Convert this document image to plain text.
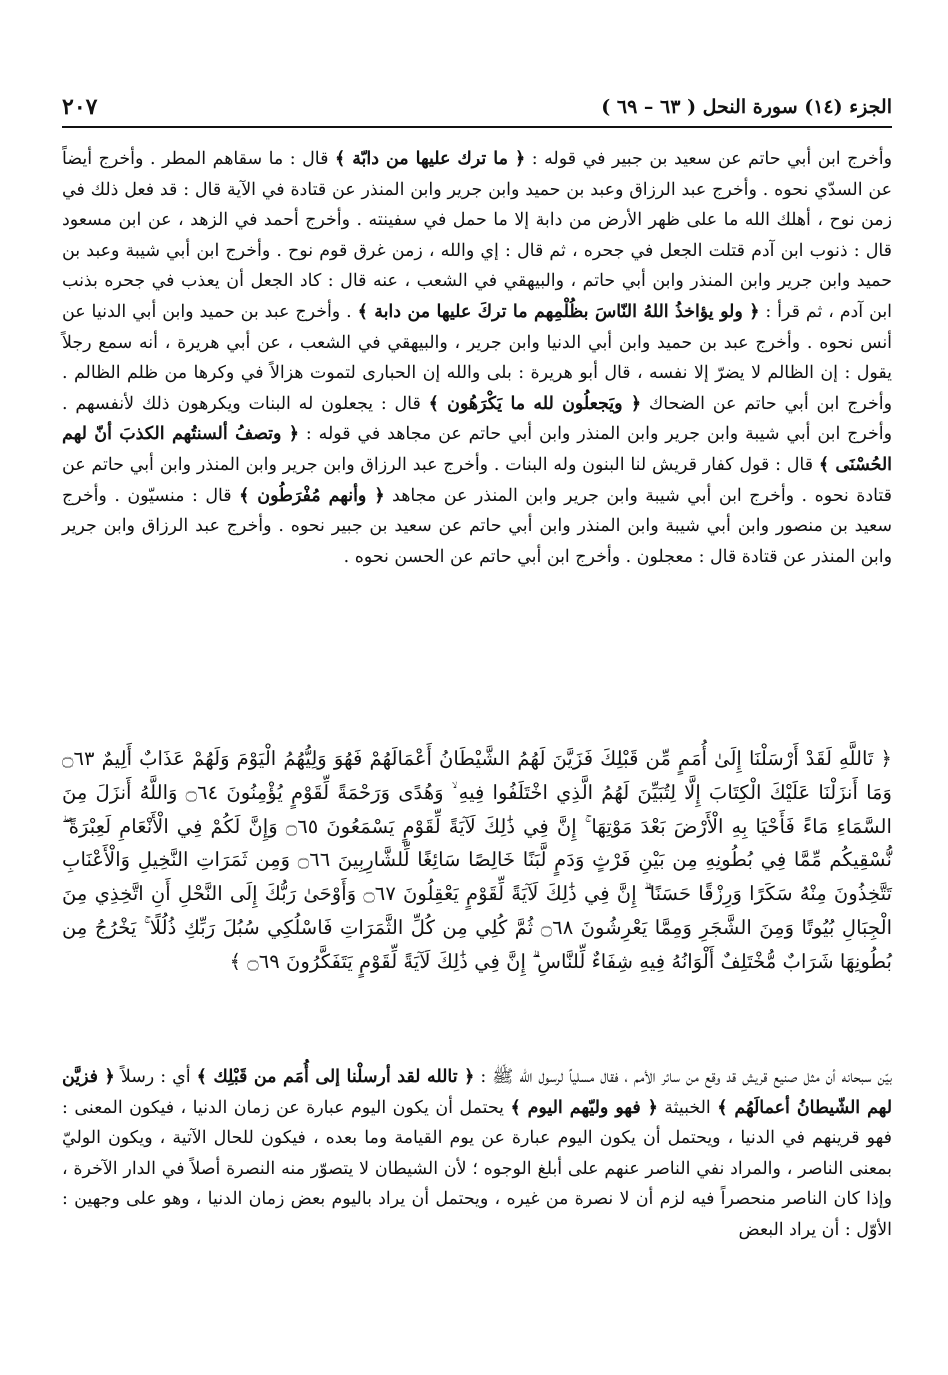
الجزء (١٤) سورة النحل ( ٦٣ – ٦٩ )
٢٠٧

وأخرج ابن أبي حاتم عن سعيد بن جبير في قوله : ﴿ ما ترك عليها من دابّة ﴾ قال : ما سقاهم المطر . وأخرج أيضاً عن السدّي نحوه . وأخرج عبد الرزاق وعبد بن حميد وابن جرير وابن المنذر عن قتادة في الآية قال : قد فعل ذلك في زمن نوح ، أهلك الله ما على ظهر الأرض من دابة إلا ما حمل في سفينته . وأخرج أحمد في الزهد ، عن ابن مسعود قال : ذنوب ابن آدم قتلت الجعل في جحره ، ثم قال : إي والله ، زمن غرق قوم نوح . وأخرج ابن أبي شيبة وعبد بن حميد وابن جرير وابن المنذر وابن أبي حاتم ، والبيهقي في الشعب ، عنه قال : كاد الجعل أن يعذب في جحره بذنب ابن آدم ، ثم قرأ : ﴿ ولو يؤاخذُ اللهُ النّاسَ بظُلْمِهم ما تركَ عليها من دابة ﴾ . وأخرج عبد بن حميد وابن أبي الدنيا عن أنس نحوه . وأخرج عبد بن حميد وابن أبي الدنيا وابن جرير ، والبيهقي في الشعب ، عن أبي هريرة ، أنه سمع رجلاً يقول : إن الظالم لا يضرّ إلا نفسه ، قال أبو هريرة : بلى والله إن الحبارى لتموت هزالاً في وكرها من ظلم الظالم . وأخرج ابن أبي حاتم عن الضحاك ﴿ ويَجعلُون لله ما يَكْرَهُون ﴾ قال : يجعلون له البنات ويكرهون ذلك لأنفسهم . وأخرج ابن أبي شيبة وابن جرير وابن المنذر وابن أبي حاتم عن مجاهد في قوله : ﴿ وتصفُ ألسنتُهم الكذبَ أنّ لهم الحُسْنَى ﴾ قال : قول كفار قريش لنا البنون وله البنات . وأخرج عبد الرزاق وابن جرير وابن المنذر وابن أبي حاتم عن قتادة نحوه . وأخرج ابن أبي شيبة وابن جرير وابن المنذر عن مجاهد ﴿ وأنهم مُفْرَطُون ﴾ قال : منسيّون . وأخرج سعيد بن منصور وابن أبي شيبة وابن المنذر وابن أبي حاتم عن سعيد بن جبير نحوه . وأخرج عبد الرزاق وابن جرير وابن المنذر عن قتادة قال : معجلون . وأخرج ابن أبي حاتم عن الحسن نحوه .

﴿ تَاللَّهِ لَقَدْ أَرْسَلْنَا إِلَىٰ أُمَمٍ مِّن قَبْلِكَ فَزَيَّنَ لَهُمُ الشَّيْطَانُ أَعْمَالَهُمْ فَهُوَ وَلِيُّهُمُ الْيَوْمَ وَلَهُمْ عَذَابٌ أَلِيمٌ ۝٦٣ وَمَا أَنزَلْنَا عَلَيْكَ الْكِتَابَ إِلَّا لِتُبَيِّنَ لَهُمُ الَّذِي اخْتَلَفُوا فِيهِ ۙ وَهُدًى وَرَحْمَةً لِّقَوْمٍ يُؤْمِنُونَ ۝٦٤ وَاللَّهُ أَنزَلَ مِنَ السَّمَاءِ مَاءً فَأَحْيَا بِهِ الْأَرْضَ بَعْدَ مَوْتِهَا ۚ إِنَّ فِي ذَٰلِكَ لَآيَةً لِّقَوْمٍ يَسْمَعُونَ ۝٦٥ وَإِنَّ لَكُمْ فِي الْأَنْعَامِ لَعِبْرَةً ۖ نُّسْقِيكُم مِّمَّا فِي بُطُونِهِ مِن بَيْنِ فَرْثٍ وَدَمٍ لَّبَنًا خَالِصًا سَائِغًا لِّلشَّارِبِينَ ۝٦٦ وَمِن ثَمَرَاتِ النَّخِيلِ وَالْأَعْنَابِ تَتَّخِذُونَ مِنْهُ سَكَرًا وَرِزْقًا حَسَنًا ۗ إِنَّ فِي ذَٰلِكَ لَآيَةً لِّقَوْمٍ يَعْقِلُونَ ۝٦٧ وَأَوْحَىٰ رَبُّكَ إِلَى النَّحْلِ أَنِ اتَّخِذِي مِنَ الْجِبَالِ بُيُوتًا وَمِنَ الشَّجَرِ وَمِمَّا يَعْرِشُونَ ۝٦٨ ثُمَّ كُلِي مِن كُلِّ الثَّمَرَاتِ فَاسْلُكِي سُبُلَ رَبِّكِ ذُلُلًا ۚ يَخْرُجُ مِن بُطُونِهَا شَرَابٌ مُّخْتَلِفٌ أَلْوَانُهُ فِيهِ شِفَاءٌ لِّلنَّاسِ ۗ إِنَّ فِي ذَٰلِكَ لَآيَةً لِّقَوْمٍ يَتَفَكَّرُونَ ۝٦٩ ﴾

بيّن سبحانه أن مثل صنيع قريش قد وقع من سائر الأمم ، فقال مسلياً لرسول الله ﷺ : ﴿ تالله لقد أرسلْنا إلى أُمَم من قَبْلِك ﴾ أي : رسلاً ﴿ فزيَّن لهم الشّيطانُ أعمالَهُم ﴾ الخبيثة ﴿ فهو وليّهم اليوم ﴾ يحتمل أن يكون اليوم عبارة عن زمان الدنيا ، فيكون المعنى : فهو قرينهم في الدنيا ، ويحتمل أن يكون اليوم عبارة عن يوم القيامة وما بعده ، فيكون للحال الآتية ، ويكون الوليّ بمعنى الناصر ، والمراد نفي الناصر عنهم على أبلغ الوجوه ؛ لأن الشيطان لا يتصوّر منه النصرة أصلاً في الدار الآخرة ، وإذا كان الناصر منحصراً فيه لزم أن لا نصرة من غيره ، ويحتمل أن يراد باليوم بعض زمان الدنيا ، وهو على وجهين : الأوّل : أن يراد البعض
